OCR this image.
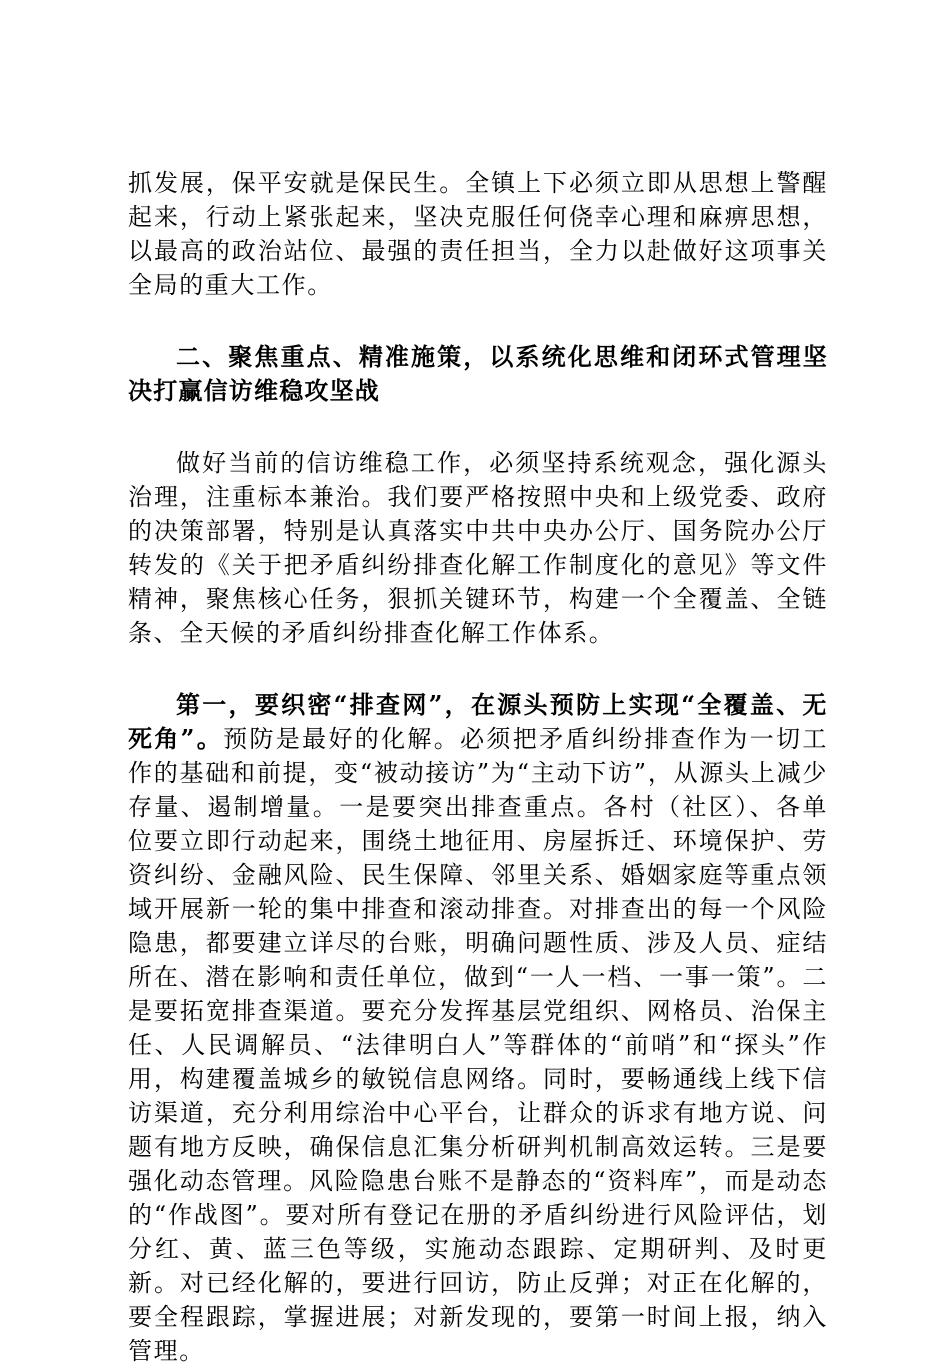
抓发展，保平安就是保民生。全镇上下必须立即从思想上警醒起来，行动上紧张起来，坚决克服任何侥幸心理和麻痹思想，以最高的政治站位、最强的责任担当，全力以赴做好这项事关全局的重大工作。

二、聚焦重点、精准施策，以系统化思维和闭环式管理坚决打赢信访维稳攻坚战

做好当前的信访维稳工作，必须坚持系统观念，强化源头治理，注重标本兼治。我们要严格按照中央和上级党委、政府的决策部署，特别是认真落实中共中央办公厅、国务院办公厅转发的《关于把矛盾纠纷排查化解工作制度化的意见》等文件精神，聚焦核心任务，狠抓关键环节，构建一个全覆盖、全链条、全天候的矛盾纠纷排查化解工作体系。

第一，要织密“排查网”，在源头预防上实现“全覆盖、无死角”。预防是最好的化解。必须把矛盾纠纷排查作为一切工作的基础和前提，变“被动接访”为“主动下访”，从源头上减少存量、遏制增量。一是要突出排查重点。各村（社区）、各单位要立即行动起来，围绕土地征用、房屋拆迁、环境保护、劳资纠纷、金融风险、民生保障、邻里关系、婚姻家庭等重点领域开展新一轮的集中排查和滚动排查。对排查出的每一个风险隐患，都要建立详尽的台账，明确问题性质、涉及人员、症结所在、潜在影响和责任单位，做到“一人一档、一事一策”。二是要拓宽排查渠道。要充分发挥基层党组织、网格员、治保主任、人民调解员、“法律明白人”等群体的“前哨”和“探头”作用，构建覆盖城乡的敏锐信息网络。同时，要畅通线上线下信访渠道，充分利用综治中心平台，让群众的诉求有地方说、问题有地方反映，确保信息汇集分析研判机制高效运转。三是要强化动态管理。风险隐患台账不是静态的“资料库”，而是动态的“作战图”。要对所有登记在册的矛盾纠纷进行风险评估，划分红、黄、蓝三色等级，实施动态跟踪、定期研判、及时更新。对已经化解的，要进行回访，防止反弹；对正在化解的，要全程跟踪，掌握进展；对新发现的，要第一时间上报，纳入管理。
